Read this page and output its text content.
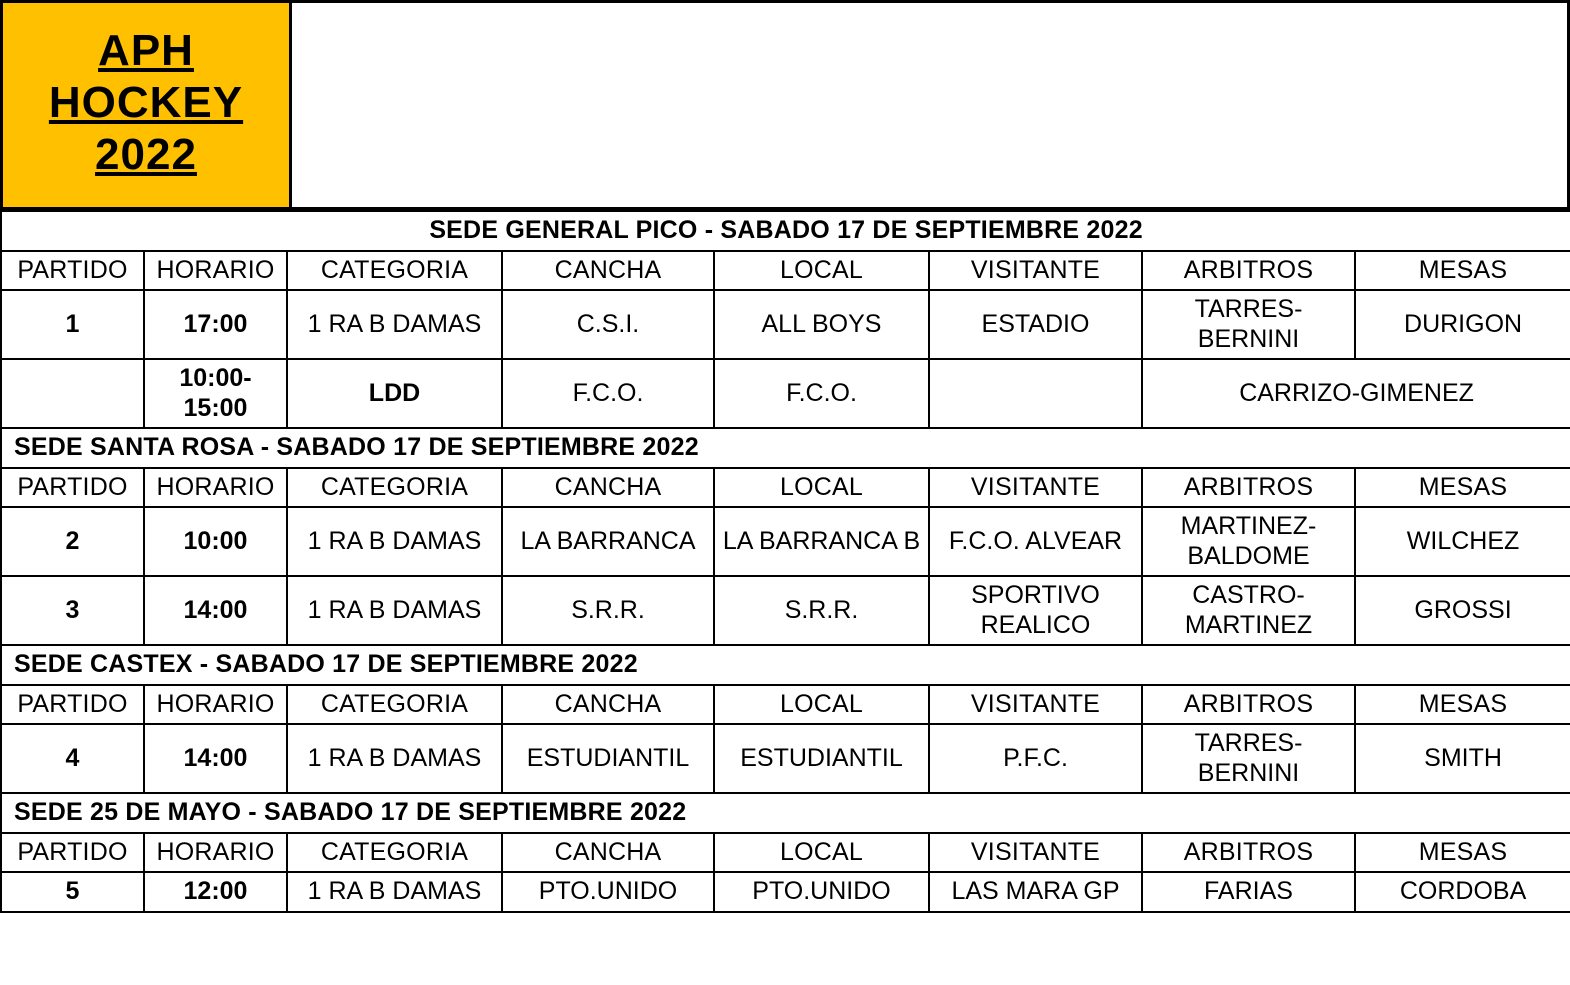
APH
HOCKEY
2022
SEDE GENERAL PICO - SABADO 17 DE SEPTIEMBRE 2022							
PARTIDO	HORARIO	CATEGORIA	CANCHA	LOCAL	VISITANTE	ARBITROS	MESAS
1	17:00	1 RA B DAMAS	C.S.I.	ALL BOYS	ESTADIO	TARRES-BERNINI	DURIGON
	10:00-15:00	LDD	F.C.O.	F.C.O.		CARRIZO-GIMENEZ	
SEDE SANTA ROSA - SABADO 17 DE SEPTIEMBRE 2022							
PARTIDO	HORARIO	CATEGORIA	CANCHA	LOCAL	VISITANTE	ARBITROS	MESAS
2	10:00	1 RA B DAMAS	LA BARRANCA	LA BARRANCA B	F.C.O. ALVEAR	MARTINEZ-BALDOME	WILCHEZ
3	14:00	1 RA B DAMAS	S.R.R.	S.R.R.	SPORTIVO REALICO	CASTRO-MARTINEZ	GROSSI
SEDE CASTEX - SABADO 17 DE SEPTIEMBRE 2022							
PARTIDO	HORARIO	CATEGORIA	CANCHA	LOCAL	VISITANTE	ARBITROS	MESAS
4	14:00	1 RA B DAMAS	ESTUDIANTIL	ESTUDIANTIL	P.F.C.	TARRES-BERNINI	SMITH
SEDE 25 DE MAYO - SABADO 17 DE SEPTIEMBRE 2022							
PARTIDO	HORARIO	CATEGORIA	CANCHA	LOCAL	VISITANTE	ARBITROS	MESAS
5	12:00	1 RA B DAMAS	PTO.UNIDO	PTO.UNIDO	LAS MARA GP	FARIAS	CORDOBA
